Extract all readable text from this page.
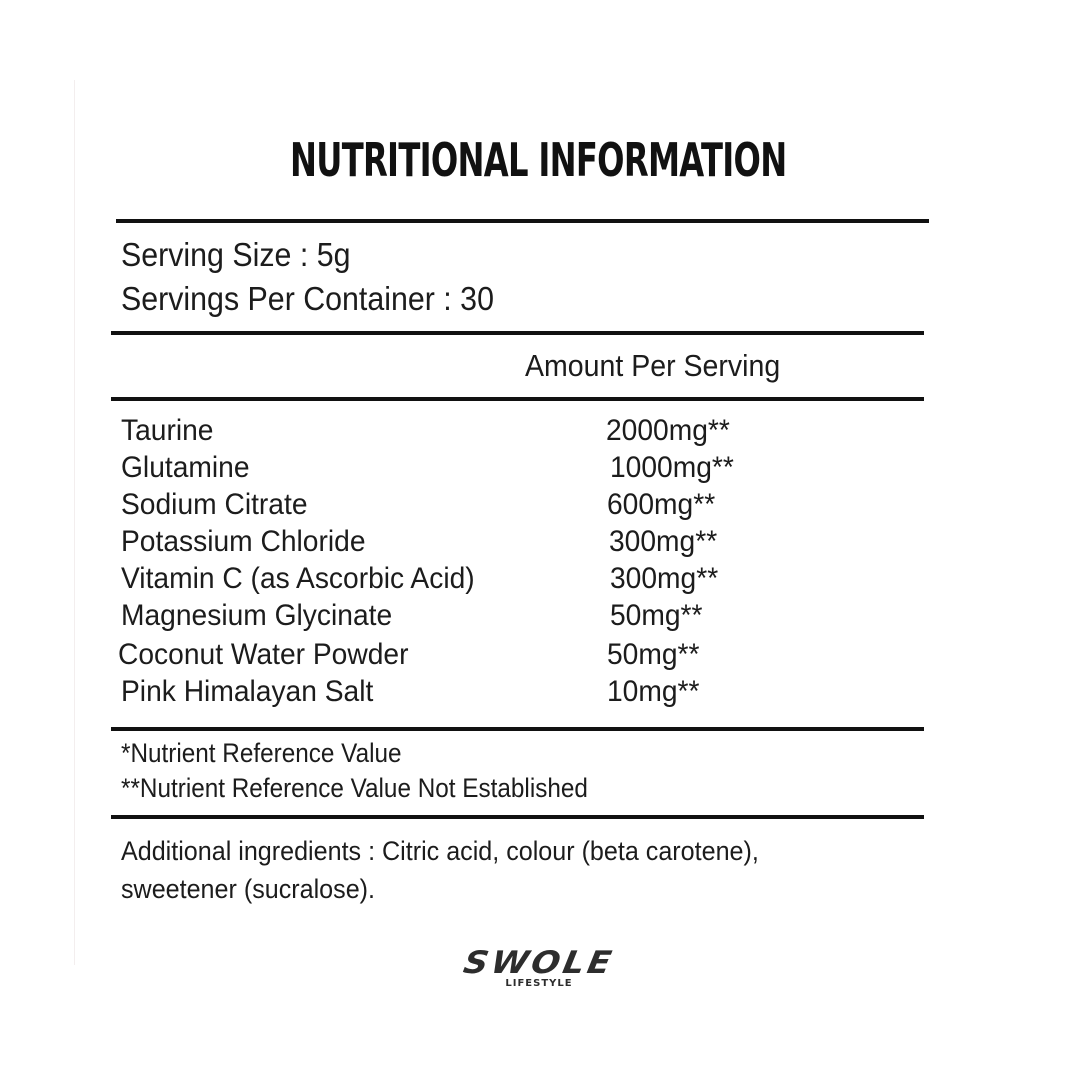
NUTRITIONAL INFORMATION
Serving Size : 5g
Servings Per Container : 30
Amount Per Serving
Taurine	2000mg**
Glutamine	1000mg**
Sodium Citrate	600mg**
Potassium Chloride	300mg**
Vitamin C (as Ascorbic Acid)	300mg**
Magnesium Glycinate	50mg**
Coconut Water Powder	50mg**
Pink Himalayan Salt	10mg**
*Nutrient Reference Value
**Nutrient Reference Value Not Established
Additional ingredients : Citric acid, colour (beta carotene),
sweetener (sucralose).
SWOLE
LIFESTYLE
